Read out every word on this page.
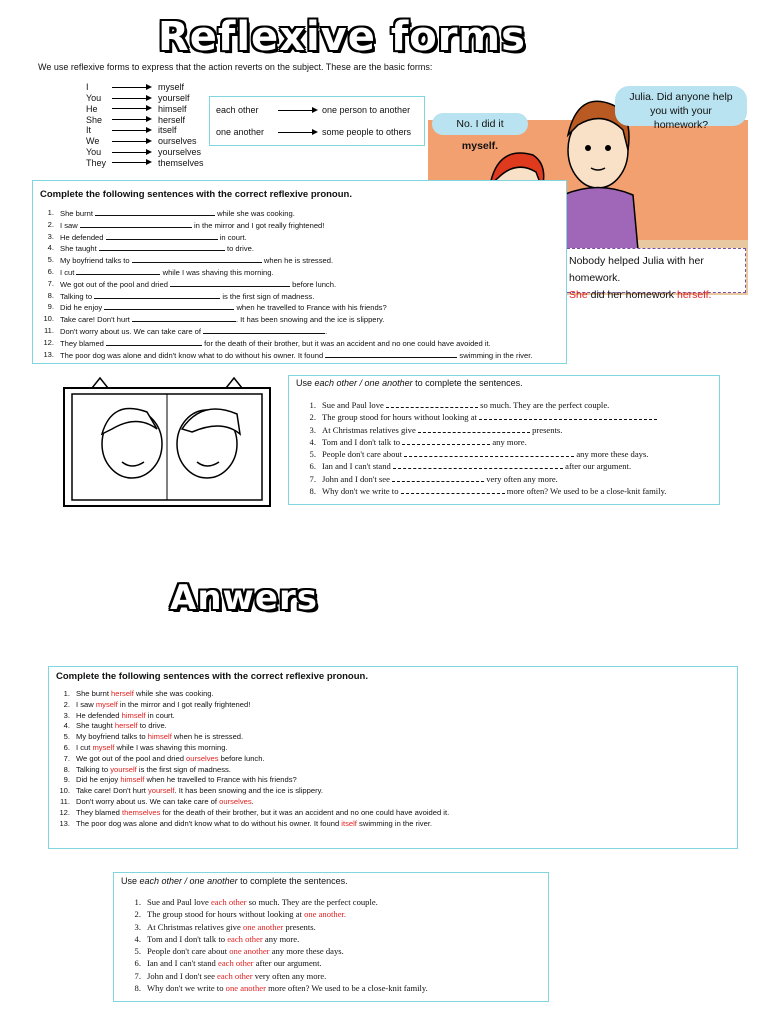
Reflexive forms
We use reflexive forms to express that the action reverts on the subject. These are the basic forms:
I	myself
You	yourself
He	himself
She	herself
It	itself
We	ourselves
You	yourselves
They	themselves
each other	one person to another
one another	some people to others
Julia. Did anyone help you with your homework?
No. I did it myself.
Nobody helped Julia with her homework.
She did her homework herself.
Complete the following sentences with the correct reflexive pronoun.
1. She burnt	while she was cooking.
2. I saw	in the mirror and I got really frightened!
3. He defended	in court.
4. She taught	to drive.
5. My boyfriend talks to	when he is stressed.
6. I cut	while I was shaving this morning.
7. We got out of the pool and dried	before lunch.
8. Talking to	is the first sign of madness.
9. Did he enjoy	when he travelled to France with his friends?
10. Take care! Don't hurt	. It has been snowing and the ice is slippery.
11. Don't worry about us. We can take care of	.
12. They blamed	for the death of their brother, but it was an accident and no one could have avoided it.
13. The poor dog was alone and didn't know what to do without his owner. It found	swimming in the river.
Use each other / one another to complete the sentences.
1. Sue and Paul love	so much. They are the perfect couple.
2. The group stood for hours without looking at
3. At Christmas relatives give	presents.
4. Tom and I don't talk to	any more.
5. People don't care about	any more these days.
6. Ian and I can't stand	after our argument.
7. John and I don't see	very often any more.
8. Why don't we write to	more often? We used to be a close-knit family.
Anwers
Complete the following sentences with the correct reflexive pronoun.
1. She burnt herself while she was cooking.
2. I saw myself in the mirror and I got really frightened!
3. He defended himself in court.
4. She taught herself to drive.
5. My boyfriend talks to himself when he is stressed.
6. I cut myself while I was shaving this morning.
7. We got out of the pool and dried ourselves before lunch.
8. Talking to yourself is the first sign of madness.
9. Did he enjoy himself when he travelled to France with his friends?
10. Take care! Don't hurt yourself. It has been snowing and the ice is slippery.
11. Don't worry about us. We can take care of ourselves.
12. They blamed themselves for the death of their brother, but it was an accident and no one could have avoided it.
13. The poor dog was alone and didn't know what to do without his owner. It found itself swimming in the river.
Use each other / one another to complete the sentences.
1. Sue and Paul love each other so much. They are the perfect couple.
2. The group stood for hours without looking at one another.
3. At Christmas relatives give one another presents.
4. Tom and I don't talk to each other any more.
5. People don't care about one another any more these days.
6. Ian and I can't stand each other after our argument.
7. John and I don't see each other very often any more.
8. Why don't we write to one another more often? We used to be a close-knit family.
